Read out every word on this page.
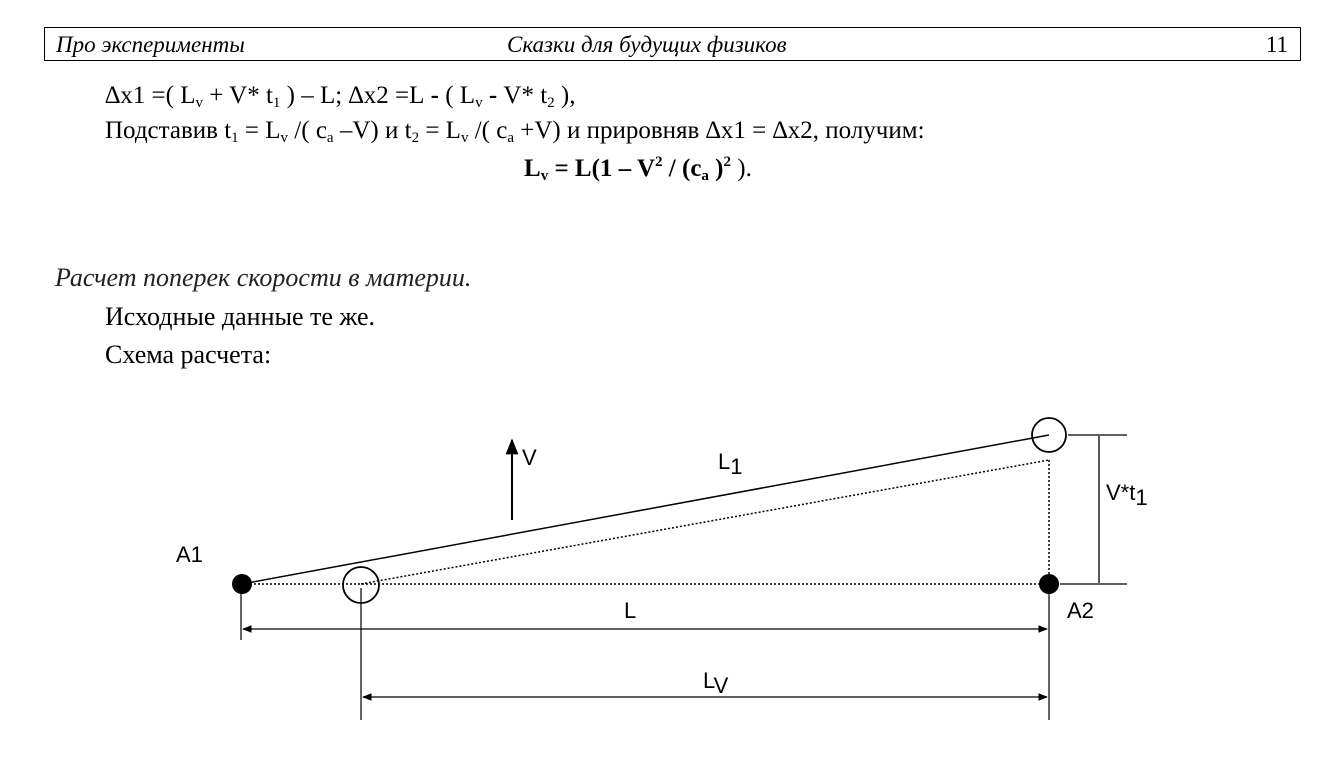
Про эксперименты	Сказки для будущих физиков	11
∆x1 =( $L_v + V*$ $t_1$ ) – L; ∆x2 =L - ( $L_v - V*$ $t_2$ ),
Подставив $t_1 = L_v$ /( $c_a$ –V) и $t_2 = L_v$ /( $c_a +V$) и прировняв ∆x1 = ∆x2, получим:
$L_v = L(1 - V^2 / (c_a$ )$^2$ ).
Расчет поперек скорости в материи.
Исходные данные те же.
Схема расчета:
A1
A2
V	L1
V*t1
L
LV
